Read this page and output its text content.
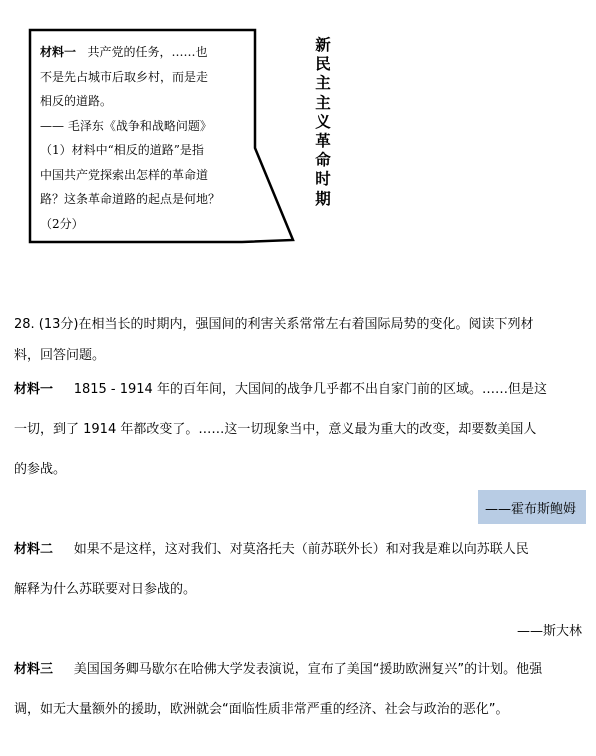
材料一 共产党的任务，……也

不是先占城市后取乡村，而是走

相反的道路。

—— 毛泽东《战争和战略问题》

（1）材料中“相反的道路”是指

中国共产党探索出怎样的革命道

路？这条革命道路的起点是何地？

（2分）

新
民
主
主
义
革
命
时
期

28. (13分)在相当长的时期内，强国间的利害关系常常左右着国际局势的变化。阅读下列材

料，回答问题。

材料一 1815 - 1914 年的百年间，大国间的战争几乎都不出自家门前的区域。……但是这

一切，到了 1914 年都改变了。……这一切现象当中，意义最为重大的改变，却要数美国人

的参战。

——霍布斯鲍姆

材料二 如果不是这样，这对我们、对莫洛托夫（前苏联外长）和对我是难以向苏联人民

解释为什么苏联要对日参战的。

——斯大林

材料三 美国国务卿马歇尔在哈佛大学发表演说，宣布了美国“援助欧洲复兴”的计划。他强

调，如无大量额外的援助，欧洲就会“面临性质非常严重的经济、社会与政治的恶化”。
